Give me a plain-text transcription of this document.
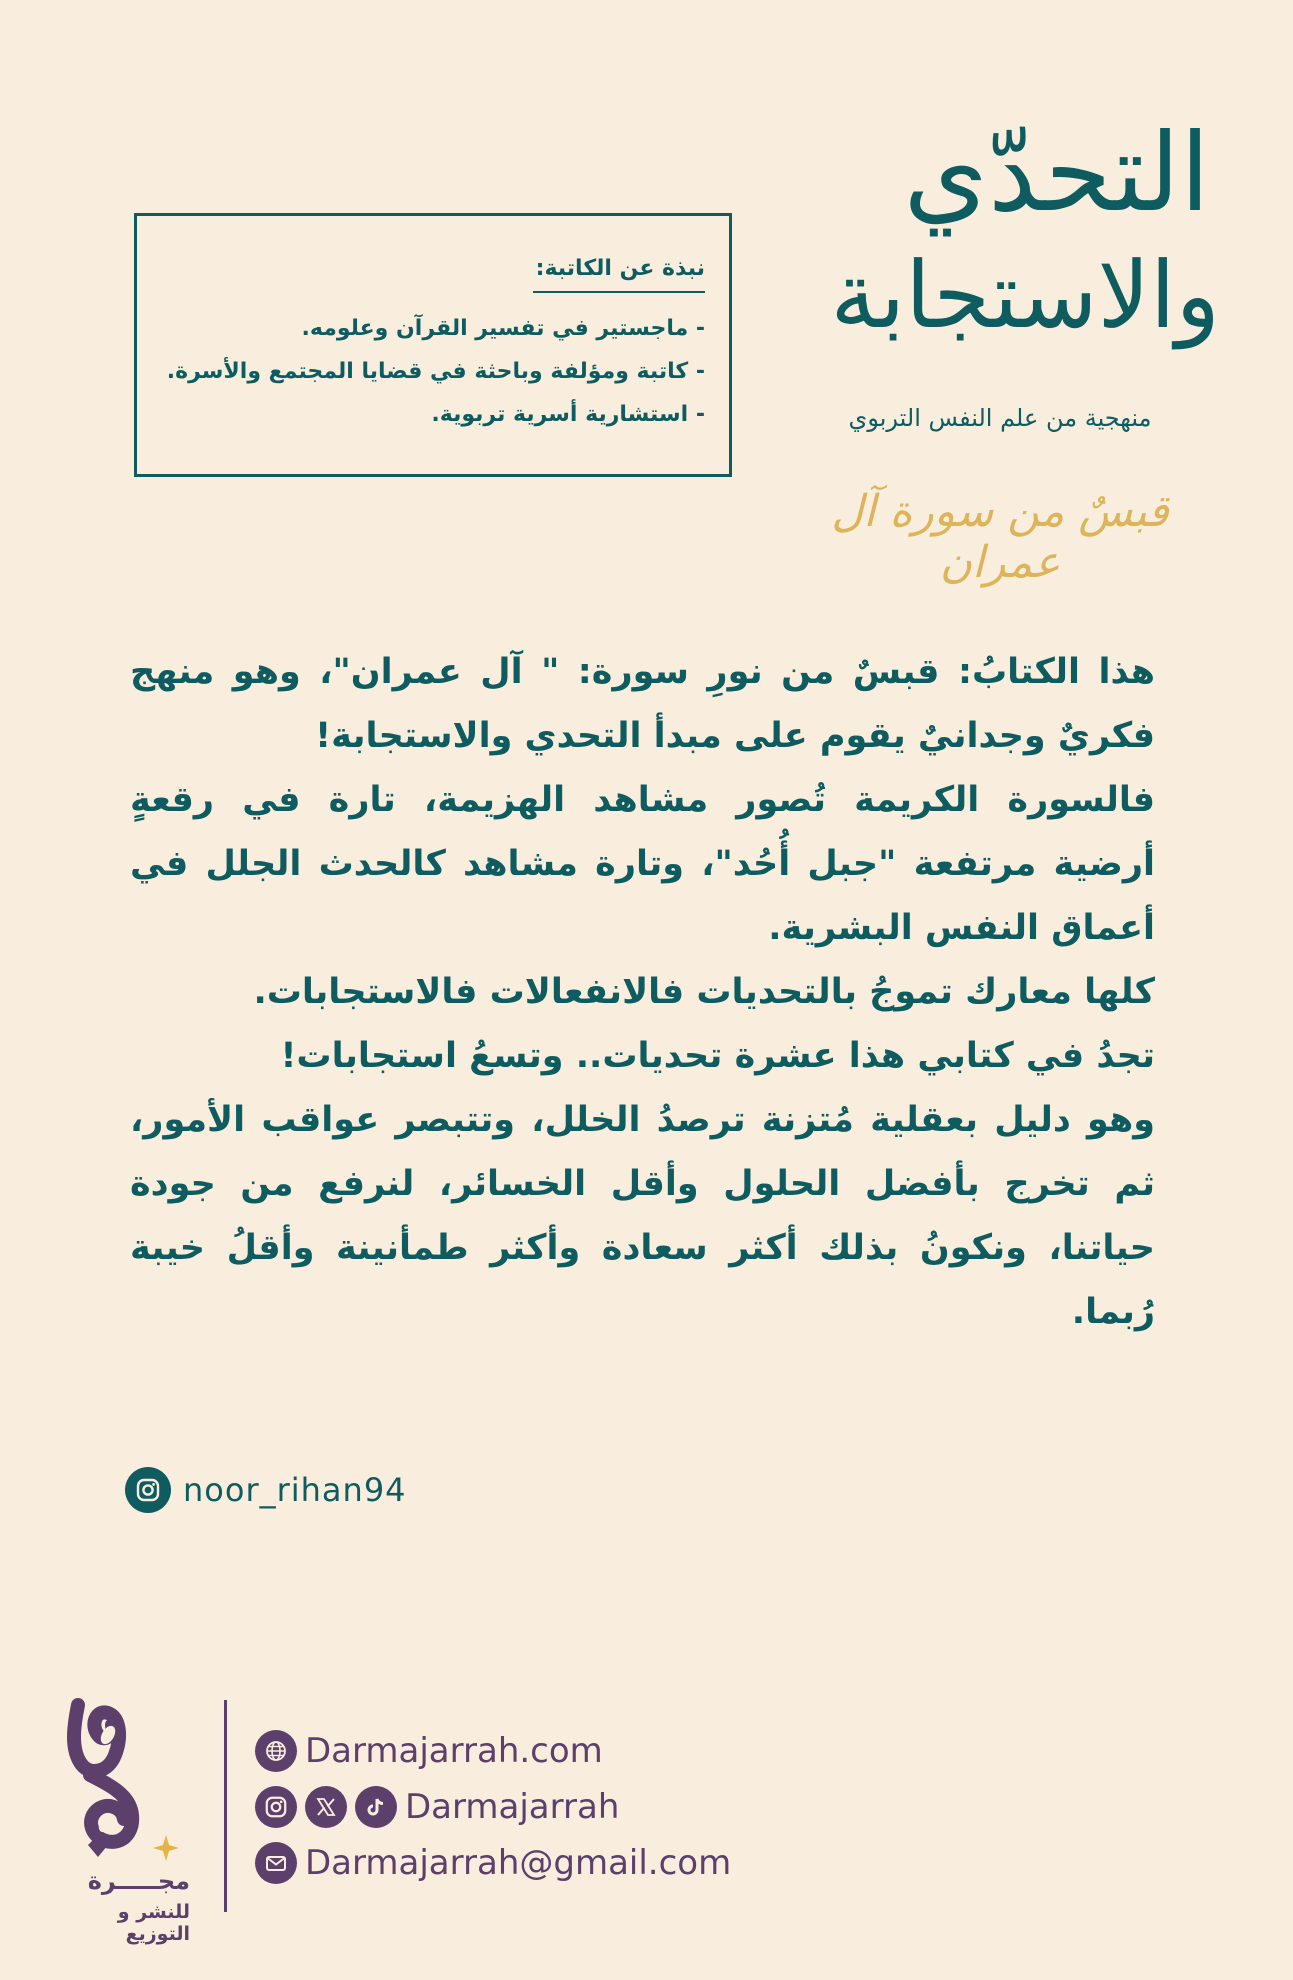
التحدّي
والاستجابة
منهجية من علم النفس التربوي
قبسٌ من سورة آل عمران
نبذة عن الكاتبة:
- ماجستير في تفسير القرآن وعلومه.
- كاتبة ومؤلفة وباحثة في قضايا المجتمع والأسرة.
- استشارية أسرية تربوية.

هذا الكتابُ: قبسٌ من نورِ سورة: " آل عمران"، وهو منهج فكريٌ وجدانيٌ يقوم على مبدأ التحدي والاستجابة!

فالسورة الكريمة تُصور مشاهد الهزيمة، تارة في رقعةٍ أرضية مرتفعة "جبل أُحُد"، وتارة مشاهد كالحدث الجلل في أعماق النفس البشرية.

كلها معارك تموجُ بالتحديات فالانفعالات فالاستجابات.

تجدُ في كتابي هذا عشرة تحديات.. وتسعُ استجابات!

وهو دليل بعقلية مُتزنة ترصدُ الخلل، وتتبصر عواقب الأمور، ثم تخرج بأفضل الحلول وأقل الخسائر، لنرفع من جودة حياتنا، ونكونُ بذلك أكثر سعادة وأكثر طمأنينة وأقلُ خيبة رُبما.

noor_rihan94
مجـــــرة
للنشر و التوزيع
Darmajarrah.com
Darmajarrah
Darmajarrah@gmail.com
